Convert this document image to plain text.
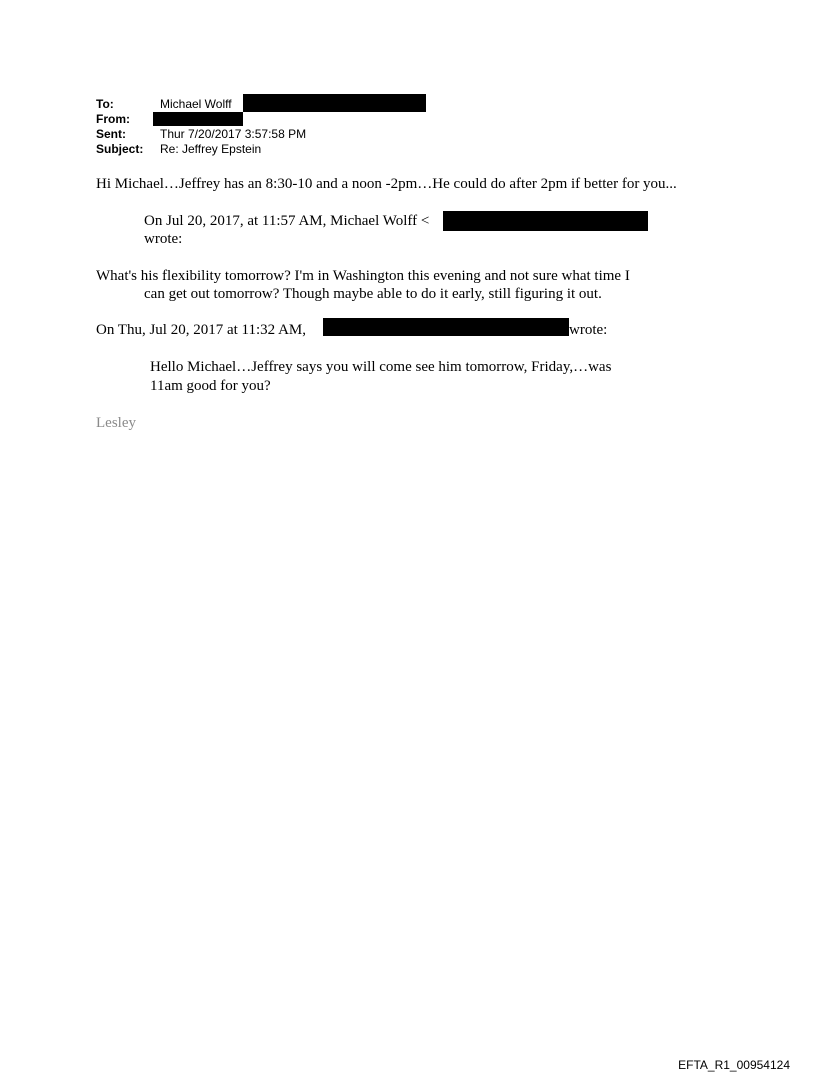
To:	Michael Wolff
From:
Sent:	Thur 7/20/2017 3:57:58 PM
Subject: Re: Jeffrey Epstein
Hi Michael…Jeffrey has an 8:30-10 and a noon -2pm…He could do after 2pm if better for you...
On Jul 20, 2017, at 11:57 AM, Michael Wolff <
wrote:
What's his flexibility tomorrow? I'm in Washington this evening and not sure what time I
can get out tomorrow? Though maybe able to do it early, still figuring it out.
On Thu, Jul 20, 2017 at 11:32 AM,	wrote:
Hello Michael…Jeffrey says you will come see him tomorrow, Friday,…was
11am good for you?
Lesley
EFTA_R1_00954124
